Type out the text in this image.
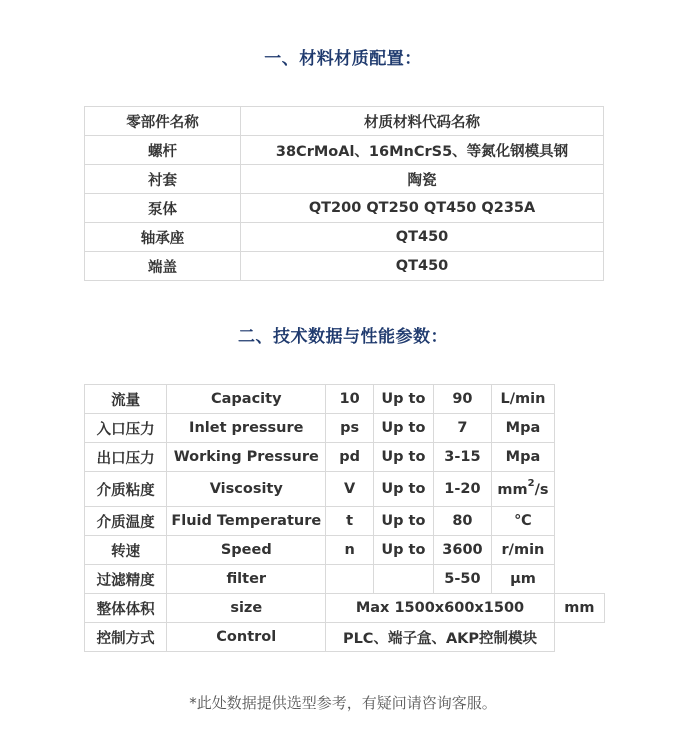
一、材料材质配置：
零部件名称	材质材料代码名称
螺杆	38CrMoAl、16MnCrS5、等氮化钢模具钢
衬套	陶瓷
泵体	QT200 QT250 QT450 Q235A
轴承座	QT450
端盖	QT450
二、技术数据与性能参数：
流量	Capacity	10	Up to	90	L/min	
入口压力	Inlet pressure	ps	Up to	7	Mpa	
出口压力	Working Pressure	pd	Up to	3-15	Mpa	
介质粘度	Viscosity	V	Up to	1-20	$mm^2/s$	
介质温度	Fluid Temperature	t	Up to	80	℃	
转速	Speed	n	Up to	3600	r/min	
过滤精度	filter			5-50	μm	
整体体积	size	Max 1500x600x1500				mm
控制方式	Control	PLC、端子盒、AKP控制模块				
*此处数据提供选型参考，有疑问请咨询客服。
